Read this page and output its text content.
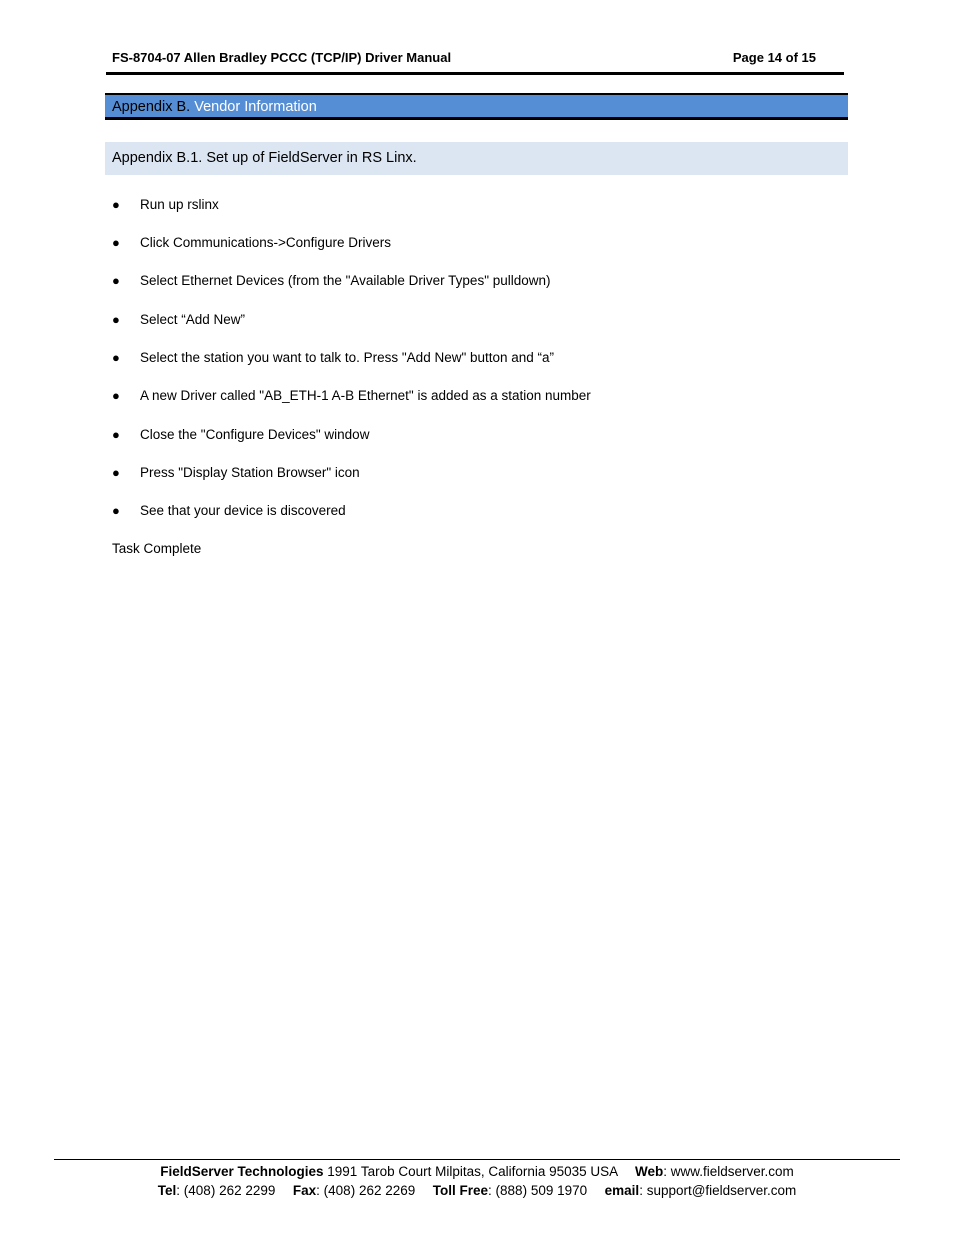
FS-8704-07 Allen Bradley PCCC (TCP/IP) Driver Manual	Page 14 of 15
Appendix B. Vendor Information
Appendix B.1. Set up of FieldServer in RS Linx.
● Run up rslinx
● Click Communications->Configure Drivers
● Select Ethernet Devices (from the "Available Driver Types" pulldown)
● Select “Add New”
● Select the station you want to talk to. Press "Add New" button and “a”
● A new Driver called "AB_ETH-1 A-B Ethernet" is added as a station number
● Close the "Configure Devices" window
● Press "Display Station Browser" icon
● See that your device is discovered
Task Complete
FieldServer Technologies 1991 Tarob Court Milpitas, California 95035 USA Web: www.fieldserver.com
Tel: (408) 262 2299 Fax: (408) 262 2269 Toll Free: (888) 509 1970 email: support@fieldserver.com
